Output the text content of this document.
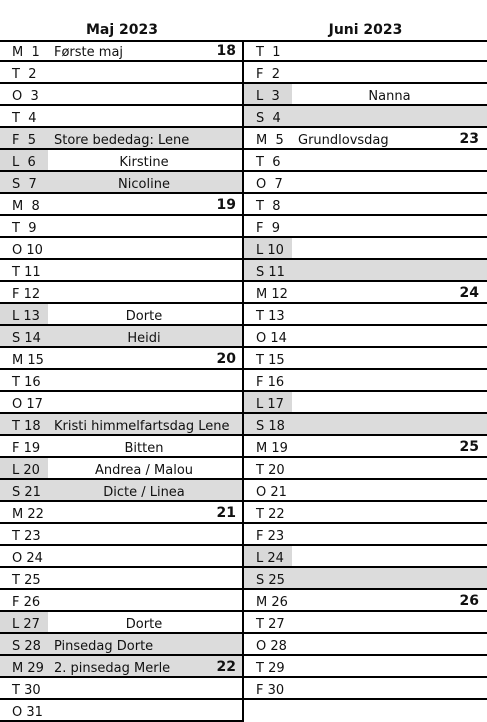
Maj 2023	Juni 2023
M  1 Første maj	18
T  2
O  3
T  4
F  5 Store bededag: Lene
L  6	Kirstine
S  7	Nicoline
M  8	19
T  9
O 10
T 11
F 12
L 13	Dorte
S 14	Heidi
M 15	20
T 16
O 17
T 18 Kristi himmelfartsdag Lene
F 19	Bitten
L 20	Andrea / Malou
S 21	Dicte / Linea
M 22	21
T 23
O 24
T 25
F 26
L 27	Dorte
S 28 Pinsedag Dorte
M 29 2. pinsedag Merle	22
T 30
O 31
T  1
F  2
L  3	Nanna
S  4
M  5 Grundlovsdag	23
T  6
O  7
T  8
F  9
L 10
S 11
M 12	24
T 13
O 14
T 15
F 16
L 17
S 18
M 19	25
T 20
O 21
T 22
F 23
L 24
S 25
M 26	26
T 27
O 28
T 29
F 30
